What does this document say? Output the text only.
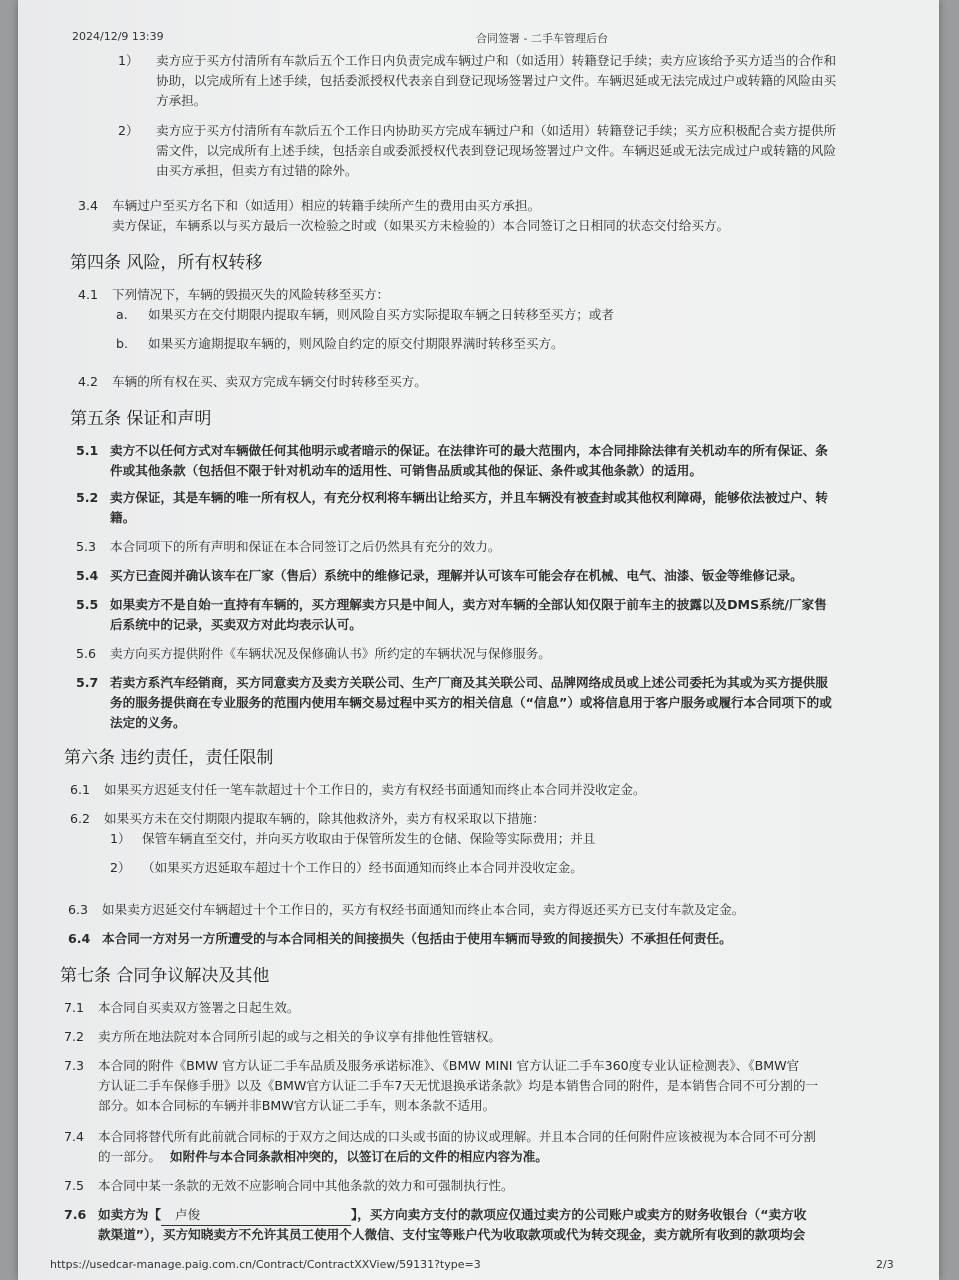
2024/12/9 13:39	合同签署 - 二手车管理后台
1） 卖方应于买方付清所有车款后五个工作日内负责完成车辆过户和（如适用）转籍登记手续；卖方应该给予买方适当的合作和
协助，以完成所有上述手续，包括委派授权代表亲自到登记现场签署过户文件。车辆迟延或无法完成过户或转籍的风险由买
方承担。
2） 卖方应于买方付清所有车款后五个工作日内协助买方完成车辆过户和（如适用）转籍登记手续；买方应积极配合卖方提供所
需文件，以完成所有上述手续，包括亲自或委派授权代表到登记现场签署过户文件。车辆迟延或无法完成过户或转籍的风险
由买方承担，但卖方有过错的除外。
3.4 车辆过户至买方名下和（如适用）相应的转籍手续所产生的费用由买方承担。
卖方保证，车辆系以与买方最后一次检验之时或（如果买方未检验的）本合同签订之日相同的状态交付给买方。
第四条 风险，所有权转移
4.1 下列情况下，车辆的毁损灭失的风险转移至买方：
a. 如果买方在交付期限内提取车辆，则风险自买方实际提取车辆之日转移至买方；或者
b. 如果买方逾期提取车辆的，则风险自约定的原交付期限界满时转移至买方。
4.2 车辆的所有权在买、卖双方完成车辆交付时转移至买方。
第五条 保证和声明
5.1 卖方不以任何方式对车辆做任何其他明示或者暗示的保证。在法律许可的最大范围内，本合同排除法律有关机动车的所有保证、条
件或其他条款（包括但不限于针对机动车的适用性、可销售品质或其他的保证、条件或其他条款）的适用。
5.2 卖方保证，其是车辆的唯一所有权人，有充分权利将车辆出让给买方，并且车辆没有被查封或其他权利障碍，能够依法被过户、转
籍。
5.3 本合同项下的所有声明和保证在本合同签订之后仍然具有充分的效力。
5.4 买方已查阅并确认该车在厂家（售后）系统中的维修记录，理解并认可该车可能会存在机械、电气、油漆、钣金等维修记录。
5.5 如果卖方不是自始一直持有车辆的，买方理解卖方只是中间人，卖方对车辆的全部认知仅限于前车主的披露以及DMS系统/厂家售
后系统中的记录，买卖双方对此均表示认可。
5.6 卖方向买方提供附件《车辆状况及保修确认书》所约定的车辆状况与保修服务。
5.7 若卖方系汽车经销商，买方同意卖方及卖方关联公司、生产厂商及其关联公司、品牌网络成员或上述公司委托为其或为买方提供服
务的服务提供商在专业服务的范围内使用车辆交易过程中买方的相关信息（“信息”）或将信息用于客户服务或履行本合同项下的或
法定的义务。
第六条 违约责任，责任限制
6.1 如果买方迟延支付任一笔车款超过十个工作日的，卖方有权经书面通知而终止本合同并没收定金。
6.2 如果买方未在交付期限内提取车辆的，除其他救济外，卖方有权采取以下措施：
1） 保管车辆直至交付，并向买方收取由于保管所发生的仓储、保险等实际费用；并且
2） （如果买方迟延取车超过十个工作日的）经书面通知而终止本合同并没收定金。
6.3 如果卖方迟延交付车辆超过十个工作日的，买方有权经书面通知而终止本合同，卖方得返还买方已支付车款及定金。
6.4 本合同一方对另一方所遭受的与本合同相关的间接损失（包括由于使用车辆而导致的间接损失）不承担任何责任。
第七条 合同争议解决及其他
7.1 本合同自买卖双方签署之日起生效。
7.2 卖方所在地法院对本合同所引起的或与之相关的争议享有排他性管辖权。
7.3 本合同的附件《BMW 官方认证二手车品质及服务承诺标准》、《BMW MINI 官方认证二手车360度专业认证检测表》、《BMW官
方认证二手车保修手册》以及《BMW官方认证二手车7天无忧退换承诺条款》均是本销售合同的附件，是本销售合同不可分割的一
部分。如本合同标的车辆并非BMW官方认证二手车，则本条款不适用。
7.4 本合同将替代所有此前就合同标的于双方之间达成的口头或书面的协议或理解。并且本合同的任何附件应该被视为本合同不可分割
的一部分。 如附件与本合同条款相冲突的，以签订在后的文件的相应内容为准。
7.5 本合同中某一条款的无效不应影响合同中其他条款的效力和可强制执行性。
7.6 如卖方为【 卢俊	】，买方向卖方支付的款项应仅通过卖方的公司账户或卖方的财务收银台（“卖方收
款渠道”），买方知晓卖方不允许其员工使用个人微信、支付宝等账户代为收取款项或代为转交现金，卖方就所有收到的款项均会
https://usedcar-manage.paig.com.cn/Contract/ContractXXView/59131?type=3	2/3
